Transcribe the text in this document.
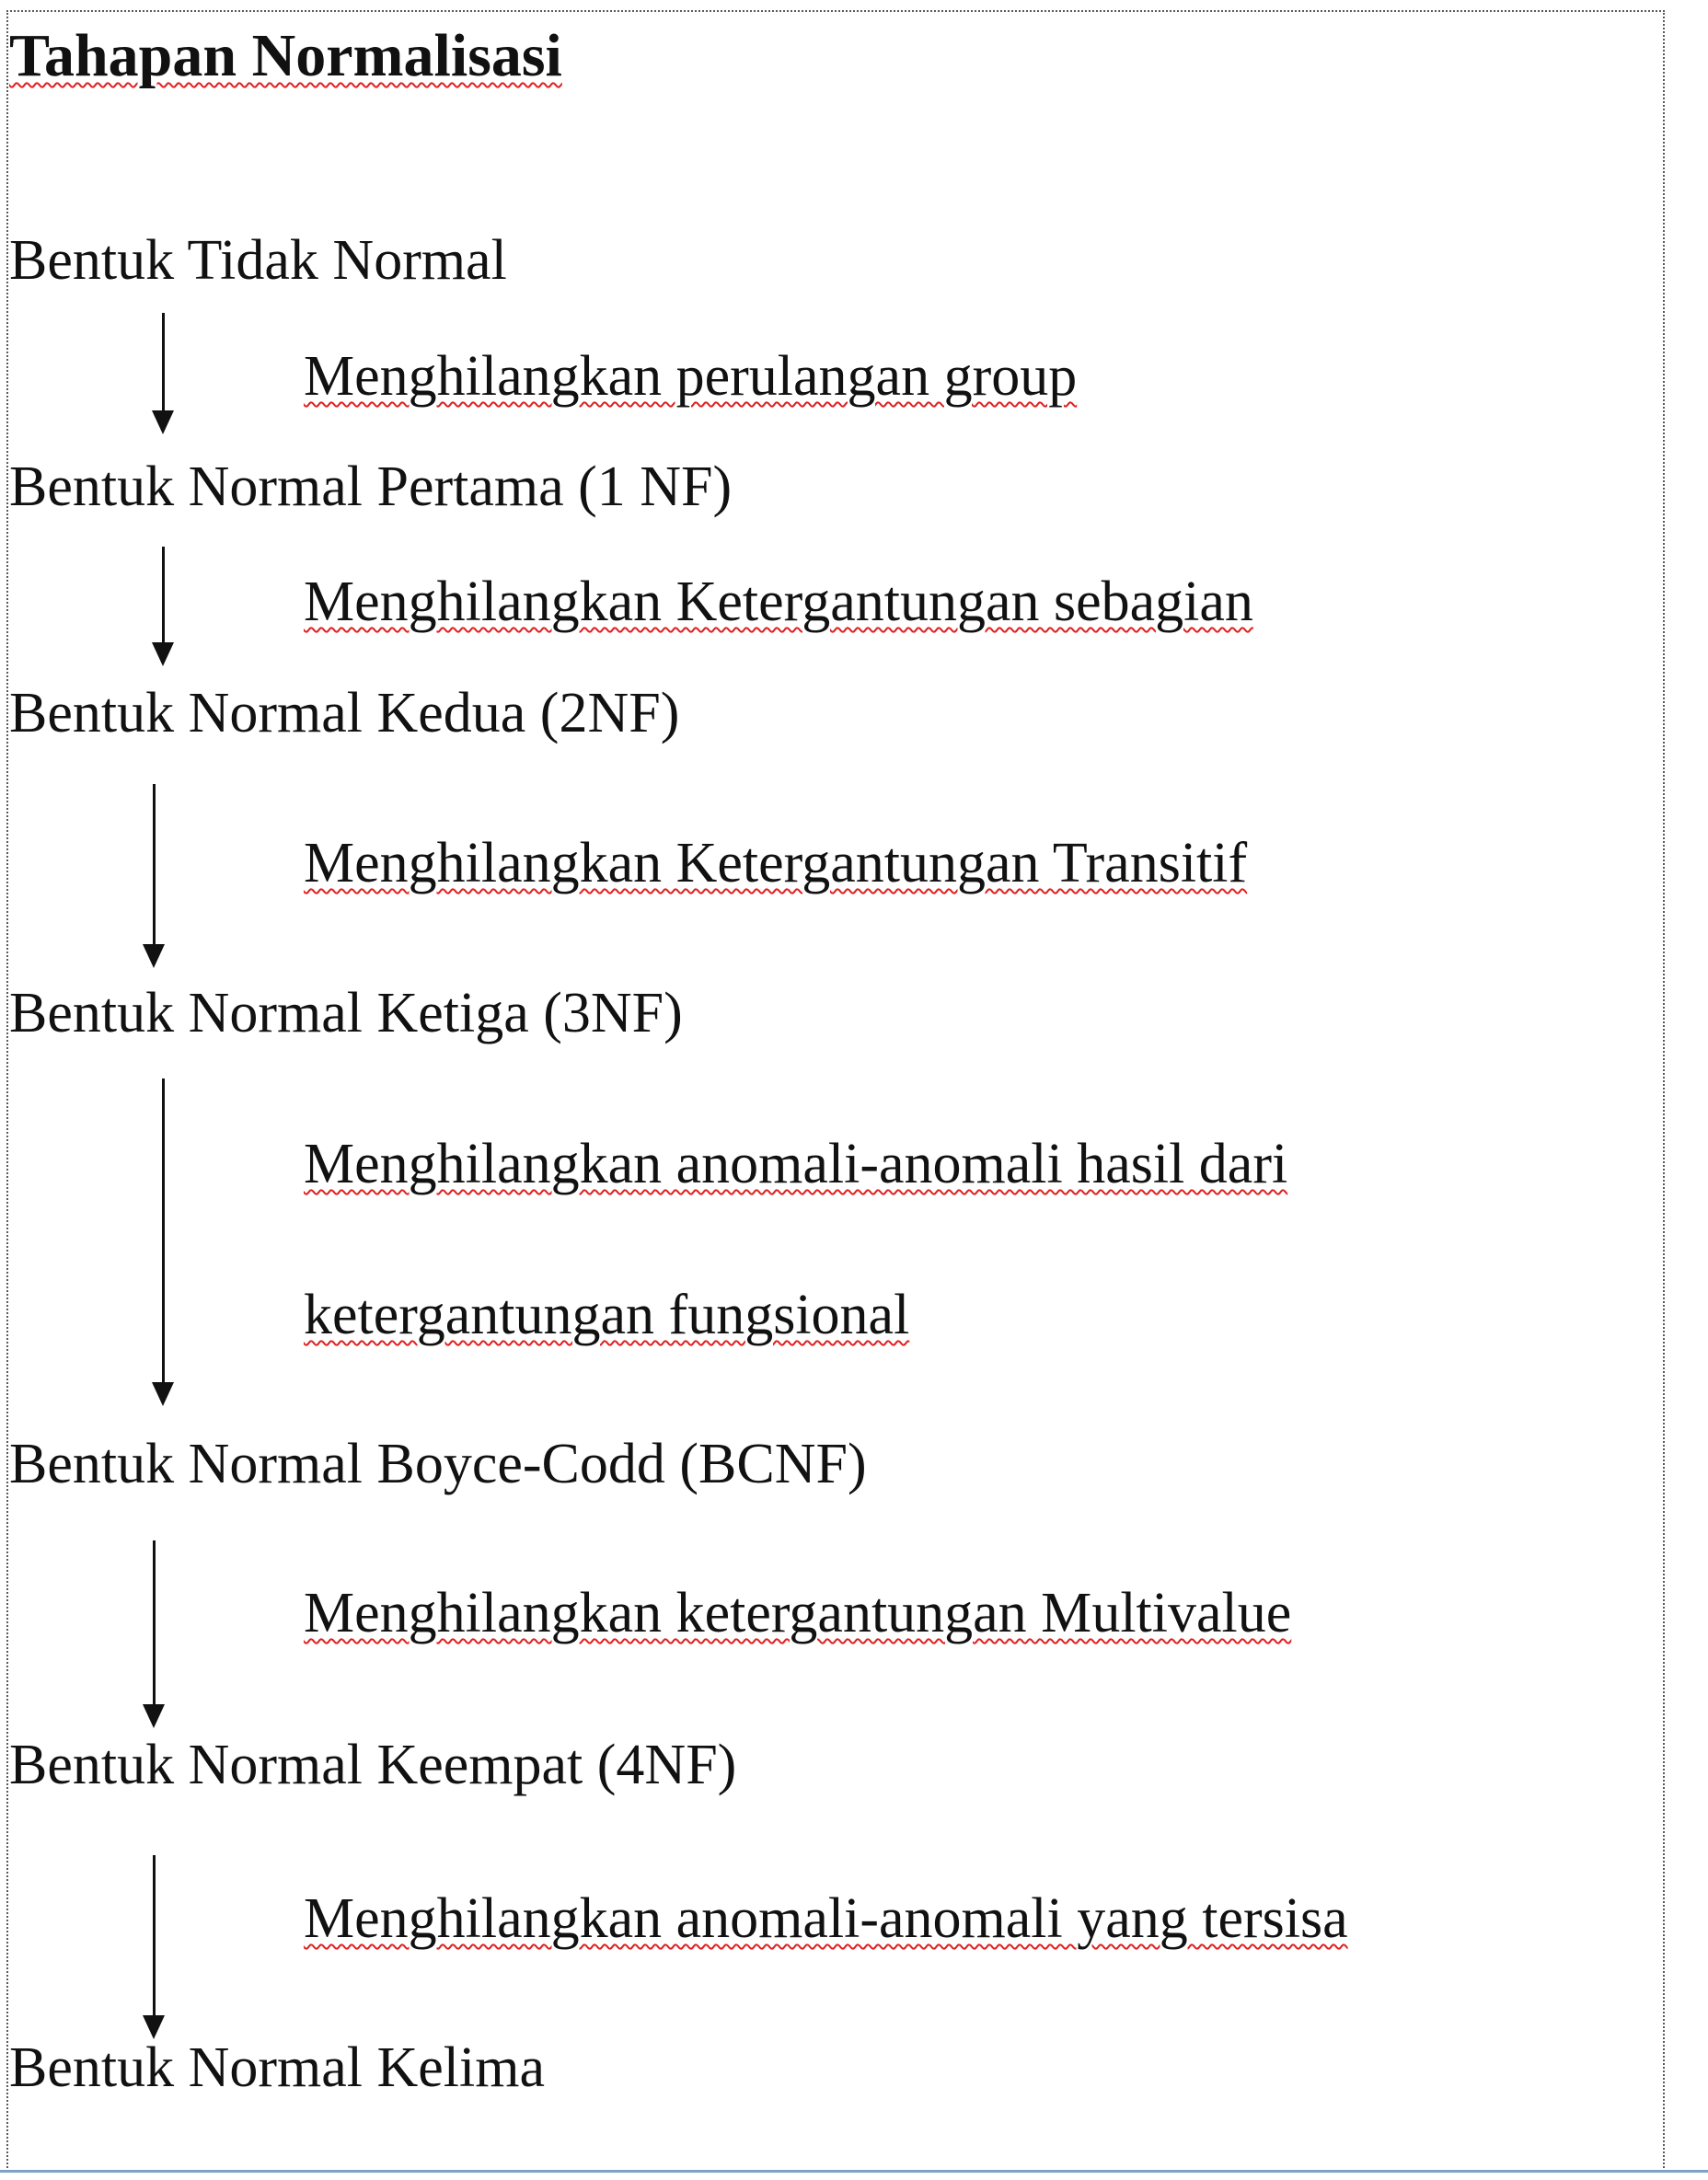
Tahapan Normalisasi
Bentuk Tidak Normal
Menghilangkan perulangan group
Bentuk Normal Pertama (1 NF)
Menghilangkan Ketergantungan sebagian
Bentuk Normal Kedua (2NF)
Menghilangkan Ketergantungan Transitif
Bentuk Normal Ketiga (3NF)
Menghilangkan anomali-anomali hasil dari
ketergantungan fungsional
Bentuk Normal Boyce-Codd (BCNF)
Menghilangkan ketergantungan Multivalue
Bentuk Normal Keempat (4NF)
Menghilangkan anomali-anomali yang tersisa
Bentuk Normal Kelima
